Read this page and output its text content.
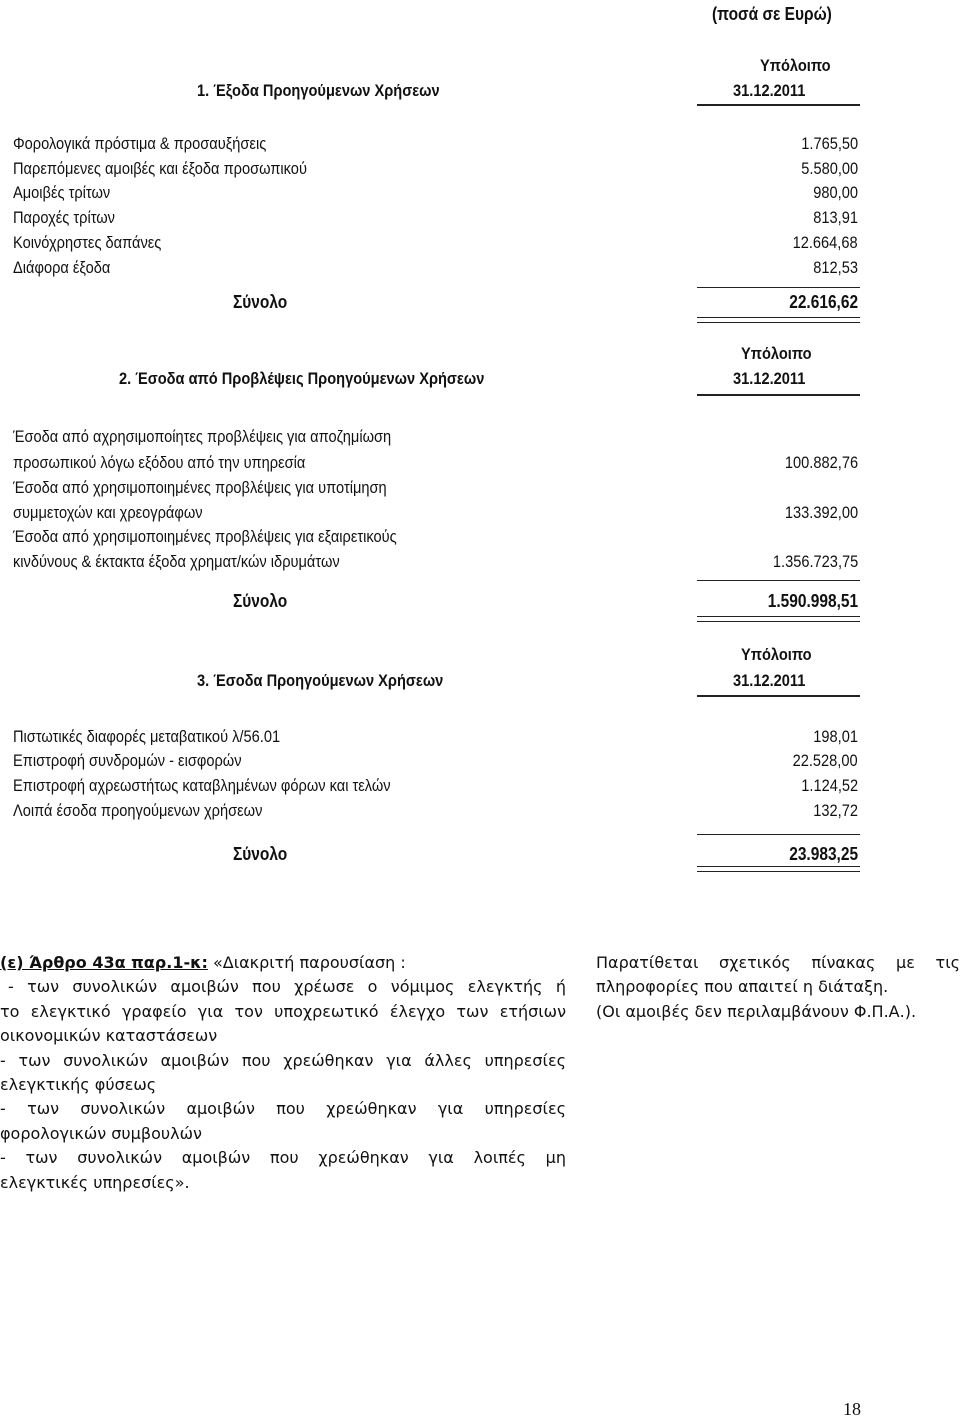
(ποσά σε Ευρώ)
Υπόλοιπο
1. Έξοδα Προηγούμενων Χρήσεων	31.12.2011
Φορολογικά πρόστιμα & προσαυξήσεις	1.765,50
Παρεπόμενες αμοιβές και έξοδα προσωπικού	5.580,00
Αμοιβές τρίτων	980,00
Παροχές τρίτων	813,91
Κοινόχρηστες δαπάνες	12.664,68
Διάφορα έξοδα	812,53
Σύνολο	22.616,62
Υπόλοιπο
2. Έσοδα από Προβλέψεις Προηγούμενων Χρήσεων	31.12.2011
Έσοδα από αχρησιμοποίητες προβλέψεις για αποζημίωση
προσωπικού λόγω εξόδου από την υπηρεσία	100.882,76
Έσοδα από χρησιμοποιημένες προβλέψεις για υποτίμηση
συμμετοχών και χρεογράφων	133.392,00
Έσοδα από χρησιμοποιημένες προβλέψεις για εξαιρετικούς
κινδύνους & έκτακτα έξοδα χρηματ/κών ιδρυμάτων	1.356.723,75
Σύνολο	1.590.998,51
Υπόλοιπο
3. Έσοδα Προηγούμενων Χρήσεων	31.12.2011
Πιστωτικές διαφορές μεταβατικού λ/56.01	198,01
Επιστροφή συνδρομών - εισφορών	22.528,00
Επιστροφή αχρεωστήτως καταβλημένων φόρων και τελών	1.124,52
Λοιπά έσοδα προηγούμενων χρήσεων	132,72
Σύνολο	23.983,25
(ε) Άρθρο 43α παρ.1-κ: «Διακριτή παρουσίαση :
- των συνολικών αμοιβών που χρέωσε ο νόμιμος ελεγκτής ή
το ελεγκτικό γραφείο για τον υποχρεωτικό έλεγχο των ετήσιων
οικονομικών καταστάσεων
- των συνολικών αμοιβών που χρεώθηκαν για άλλες υπηρεσίες
ελεγκτικής φύσεως
- των συνολικών αμοιβών που χρεώθηκαν για υπηρεσίες
φορολογικών συμβουλών
- των συνολικών αμοιβών που χρεώθηκαν για λοιπές μη
ελεγκτικές υπηρεσίες».
Παρατίθεται σχετικός πίνακας με τις
πληροφορίες που απαιτεί η διάταξη.
(Οι αμοιβές δεν περιλαμβάνουν Φ.Π.Α.).
18
